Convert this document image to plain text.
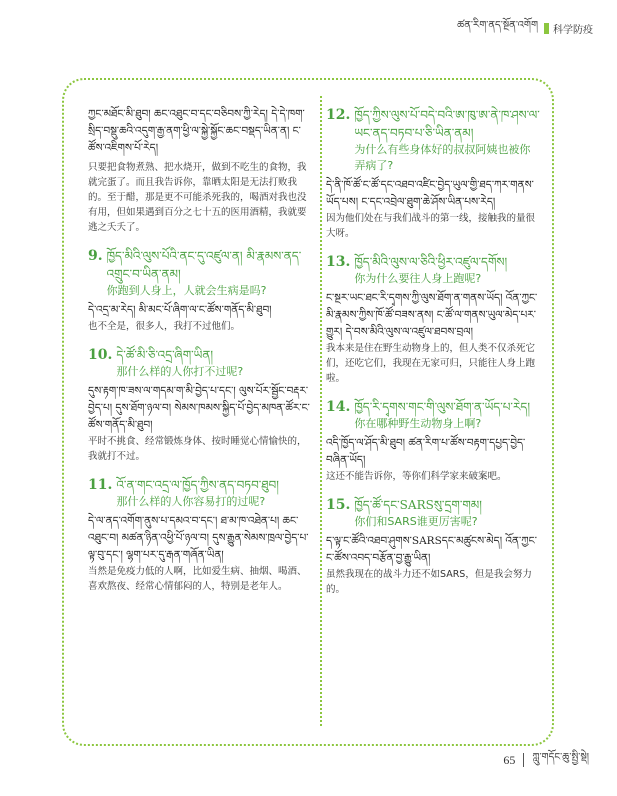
ཚན་རིག་ནད་སྔོན་འགོག 科学防疫
ཀྱང་མཐོང་མི་ཐུབ། ཆང་འཐུང་བ་དང་བཅིབས་ཀྱི་རེད། དེ་དེ་ཁག་སྲིད་བསྡུ་ཆའི་འདུག་རྒྱ་ནག་ཕྱི་ལ་སྐྱེ་སྐྱོང་ཆང་བསྡད་ཡིན་ན། ང་ཚོས་འཇིགས་པོ་རེད།
只要把食物煮熟、把水烧开，做到不吃生的食物，我就完蛋了。而且我告诉你，靠晒太阳是无法打败我的。至于醋，那是更不可能杀死我的，喝酒对我也没有用，但如果遇到百分之七十五的医用酒精，我就要逃之夭夭了。
9. ཁྱོད་མིའི་ལུས་པོའི་ནང་དུ་འཛུལ་ན། མི་རྣམས་ནད་འགྲུང་བ་ཡིན་ནམ།
你跑到人身上，人就会生病是吗?
དེ་འདྲ་མ་རེད། མི་མང་པོ་ཞིག་ལ་ང་ཚོས་གནོད་མི་ཐུབ།
也不全是，很多人，我打不过他们。
10. དེ་ཚོ་མི་ཅི་འདྲ་ཞིག་ཡིན།
那什么样的人你打不过呢?
དུས་རྟག་ཁ་ཟས་ལ་གདམ་ག་མི་བྱེད་པ་དང་། ལུས་པོར་སྦྱོང་བརྡར་བྱེད་པ། དུས་ཐོག་ཉལ་བ། སེམས་ཁམས་སྐྱིད་པོ་བྱེད་མཁན་ཚོར་ང་ཚོས་གནོད་མི་ཐུབ།
平时不挑食、经常锻炼身体、按时睡觉心情愉快的，我就打不过。
11. འོ་ན་གང་འདྲ་ལ་ཁྱོད་ཀྱིས་ནད་བཏབ་ཐུབ།
那什么样的人你容易打的过呢?
དེ་ལ་ནད་འགོག་ནུས་པ་དམའ་བ་དང་། ཐ་མ་ཁ་འཐེན་པ། ཆང་འཐུང་བ། མཚན་ཉིན་འཕྱི་པོ་ཉལ་བ། དུས་རྒྱུན་སེམས་ཁྲལ་བྱེད་པ་ལྟ་བུ་དང་། ལྷག་པར་དུ་རྒན་གཞོན་ཡིན།
当然是免疫力低的人啊，比如爱生病、抽烟、喝酒、喜欢熬夜、经常心情郁闷的人，特别是老年人。
12. ཁྱོད་ཀྱིས་ལུས་པོ་བདེ་བའི་ཨ་ཁུ་ཨ་ནེ་ཁ་ཤས་ལ་ཡང་ནད་བཏབ་པ་ཅི་ཡིན་ནམ།
为什么有些身体好的叔叔阿姨也被你弄病了?
དེ་ནི་ཁོ་ཚོ་ང་ཚོ་དང་འཐབ་འཛིང་བྱེད་ཡུལ་གྱི་ཐད་ཀར་གནས་ཡོད་པས། ང་དང་འབྲེལ་ཐུག་ཆེ་ཤོས་ཡིན་པས་རེད།
因为他们处在与我们战斗的第一线，接触我的量很大呀。
13. ཁྱོད་མིའི་ལུས་ལ་ཅིའི་ཕྱིར་འཛུལ་དགོས།
你为什么要往人身上跑呢?
ང་སྔར་ཡང་ཐང་རི་དྭགས་ཀྱི་ལུས་ཐོག་ན་གནས་ཡོད། འོན་ཀྱང་མི་རྣམས་ཀྱིས་ཁོ་ཚོ་བཟས་ནས། ང་ཚོ་ལ་གནས་ཡུལ་མེད་པར་གྱུར། དེ་བས་མིའི་ལུས་ལ་འཛུལ་ཐབས་བྲལ།
我本来是住在野生动物身上的，但人类不仅杀死它们，还吃它们，我现在无家可归，只能往人身上跑啦。
14. ཁྱོད་རི་དྭགས་གང་གི་ལུས་ཐོག་ན་ཡོད་པ་རེད།
你在哪种野生动物身上啊?
འདི་ཁྱོད་ལ་ཤོད་མི་ཐུབ། ཚན་རིག་པ་ཚོས་བརྟག་དཔྱད་བྱེད་བཞིན་ཡོད།
这还不能告诉你，等你们科学家来破案吧。
15. ཁྱོད་ཚོ་དང་SARSསུ་དྲག་གམ།
你们和SARS谁更厉害呢?
ད་ལྟ་ང་ཚོའི་འཐབ་ཤུགས་SARSདང་མཚུངས་མེད། འོན་ཀྱང་ང་ཚོས་འབད་བརྩོན་བྱ་རྒྱུ་ཡིན།
虽然我现在的战斗力还不如SARS，但是我会努力的。
65 ཀླུ་གདོང་ཆུ་སྤྱི་སྡེ།
